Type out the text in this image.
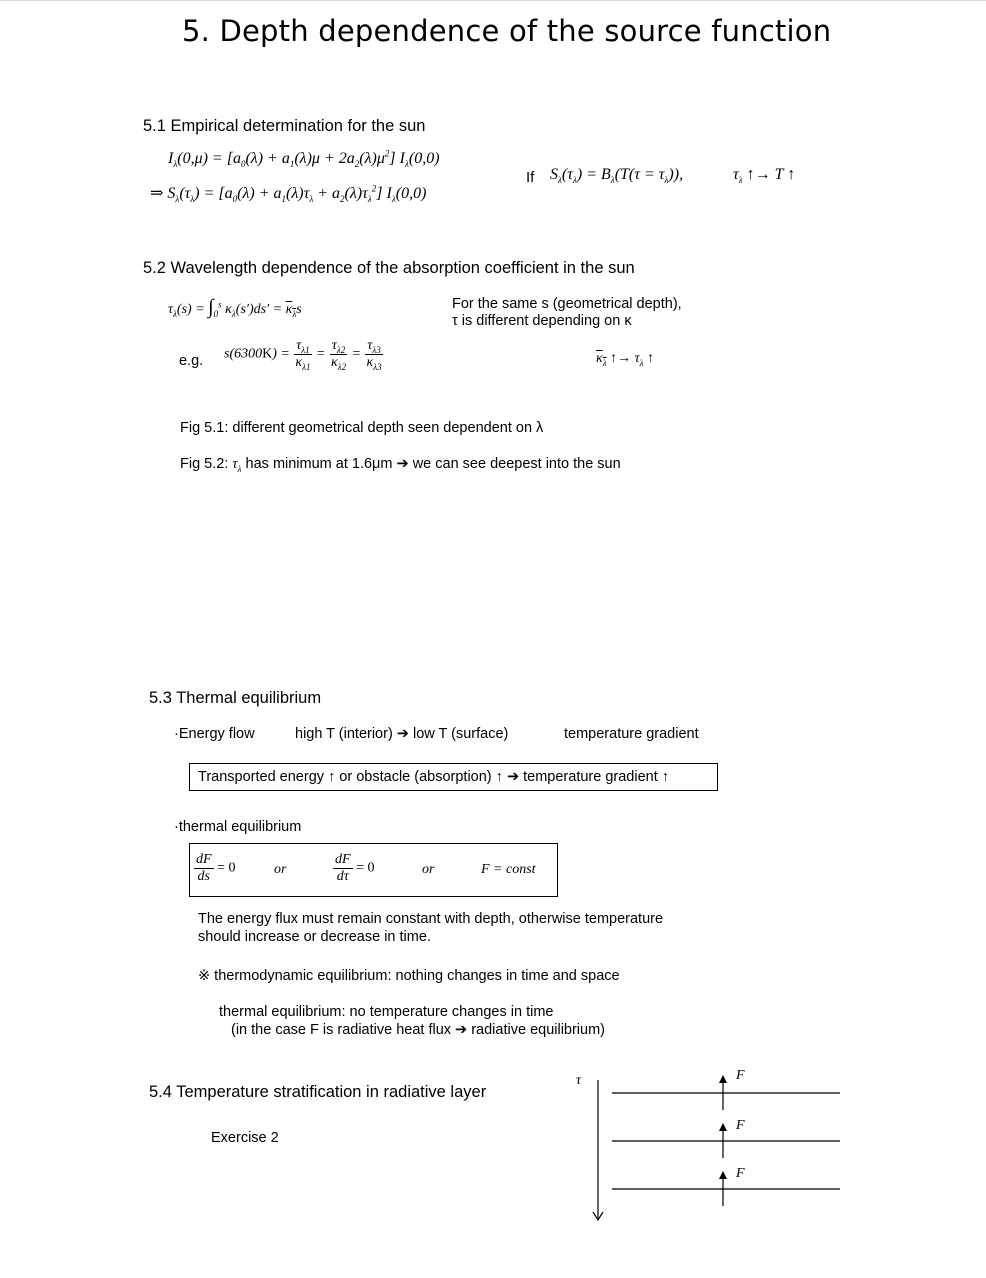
5. Depth dependence of the source function
5.1 Empirical determination for the sun
$I_\lambda(0,\mu) = [a_0(\lambda) + a_1(\lambda)\mu + 2a_2(\lambda)\mu^2]$ $I_\lambda(0,0)$
⇒ $S_\lambda(\tau_\lambda) = [a_0(\lambda) + a_1(\lambda)\tau_\lambda + a_2(\lambda)\tau_\lambda^2]$ $I_\lambda(0,0)$
If $S_\lambda(\tau_\lambda) = B_\lambda(T(\tau = \tau_\lambda))$,	$\tau_\lambda$ ↑→ T ↑
5.2 Wavelength dependence of the absorption coefficient in the sun
$\tau_\lambda(s) = \int_0^s$ $\kappa_\lambda(s')ds' = \kappa_\lambda s$	For the same s (geometrical depth),
τ is different depending on κ
e.g. $s(6300K) = \frac{\tau_{\lambda 1}}{\kappa_{\lambda 1}} = \frac{\tau_{\lambda 2}}{\kappa_{\lambda 2}} = \frac{\tau_{\lambda 3}}{\kappa_{\lambda 3}}$	$\kappa_\lambda$ ↑→ $\tau_\lambda$ ↑
Fig 5.1: different geometrical depth seen dependent on λ
Fig 5.2: $\tau_\lambda$ has minimum at 1.6μm ➔ we can see deepest into the sun
5.3 Thermal equilibrium
·Energy flow	high T (interior) ➔ low T (surface)	temperature gradient
Transported energy ↑ or obstacle (absorption) ↑ ➔ temperature gradient ↑
·thermal equilibrium
$\frac{dF}{ds} = 0$	or	$\frac{dF}{d\tau} = 0$	or	F = const
The energy flux must remain constant with depth, otherwise temperature
should increase or decrease in time.
※ thermodynamic equilibrium: nothing changes in time and space
thermal equilibrium: no temperature changes in time
(in the case F is radiative heat flux ➔ radiative equilibrium)
5.4 Temperature stratification in radiative layer
Exercise 2
τ	F
F
F
